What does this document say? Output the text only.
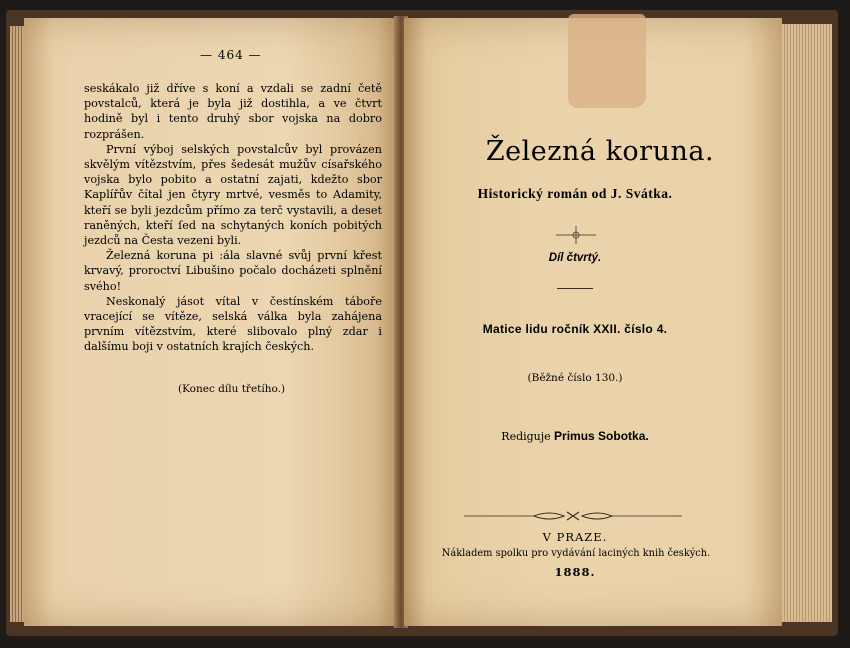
— 464 —

seskákalo již dříve s koní a vzdali se zadní četě povstalců, která je byla již dostihla, a ve čtvrt hodině byl i tento druhý sbor vojska na dobro rozprášen.

První výboj selských povstalcův byl provázen skvělým vítězstvím, přes šedesát mužův císařského vojska bylo pobito a ostatní zajati, kdežto sbor Kaplířův čítal jen čtyry mrtvé, vesměs to Adamity, kteří se byli jezdcům přímo za terč vystavili, a deset raněných, kteří ſed na schytaných koních pobitých jezdců na Česta vezeni byli.

Železná koruna pi :ála slavné svůj první křest krvavý, proroctví Libušino počalo docházeti splnění svého!

Neskonalý jásot vítal v čestínském táboře vracející se vítěze, selská válka byla zahájena prvním vítězstvím, které slibovalo plný zdar i dalšímu boji v ostatních krajích českých.

(Konec dílu třetího.)
Železná koruna.
Historický román od J. Svátka.
Díl čtvrtý.
Matice lidu ročník XXII. číslo 4.
(Běžné číslo 130.)
Rediguje Primus Sobotka.
V PRAZE.
Nákladem spolku pro vydávání laciných knih českých.
1888.
